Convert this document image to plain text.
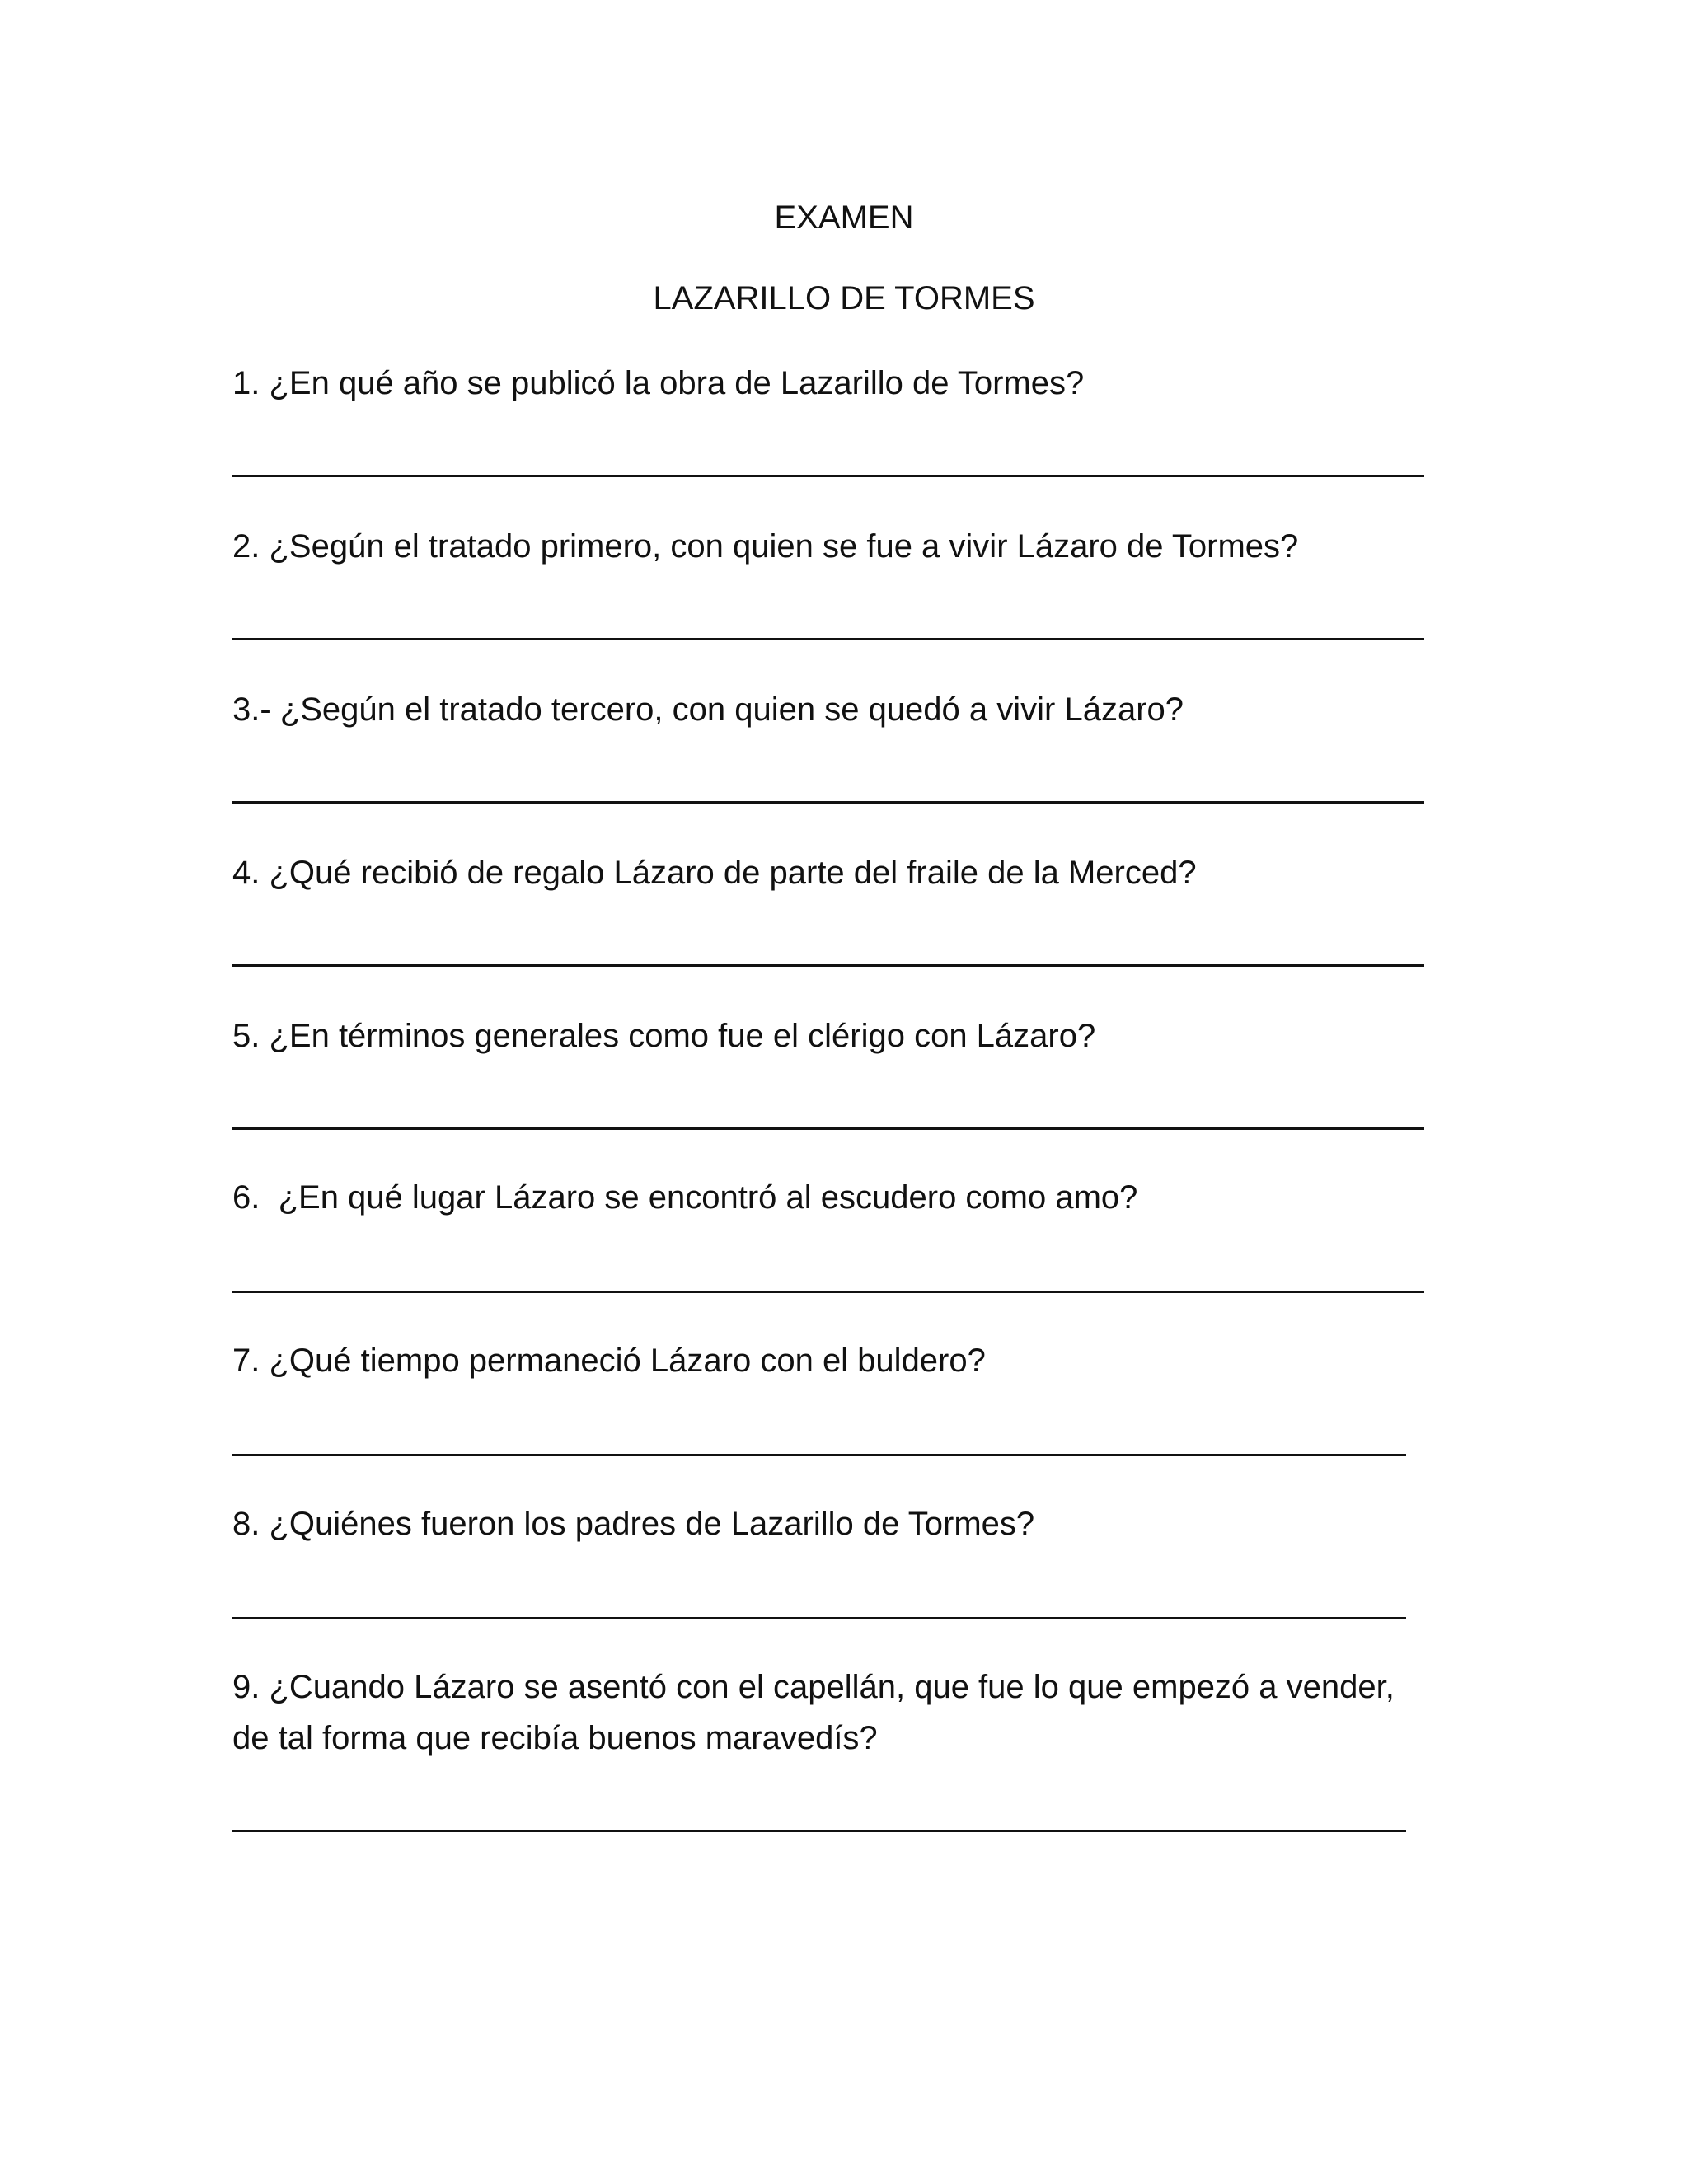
EXAMEN
LAZARILLO DE TORMES
1. ¿En qué año se publicó la obra de Lazarillo de Tormes?
2. ¿Según el tratado primero, con quien se fue a vivir Lázaro de Tormes?
3.- ¿Según el tratado tercero, con quien se quedó a vivir Lázaro?
4. ¿Qué recibió de regalo Lázaro de parte del fraile de la Merced?
5. ¿En términos generales como fue el clérigo con Lázaro?
6.  ¿En qué lugar Lázaro se encontró al escudero como amo?
7. ¿Qué tiempo permaneció Lázaro con el buldero?
8. ¿Quiénes fueron los padres de Lazarillo de Tormes?
9. ¿Cuando Lázaro se asentó con el capellán, que fue lo que empezó a vender, de tal forma que recibía buenos maravedís?
